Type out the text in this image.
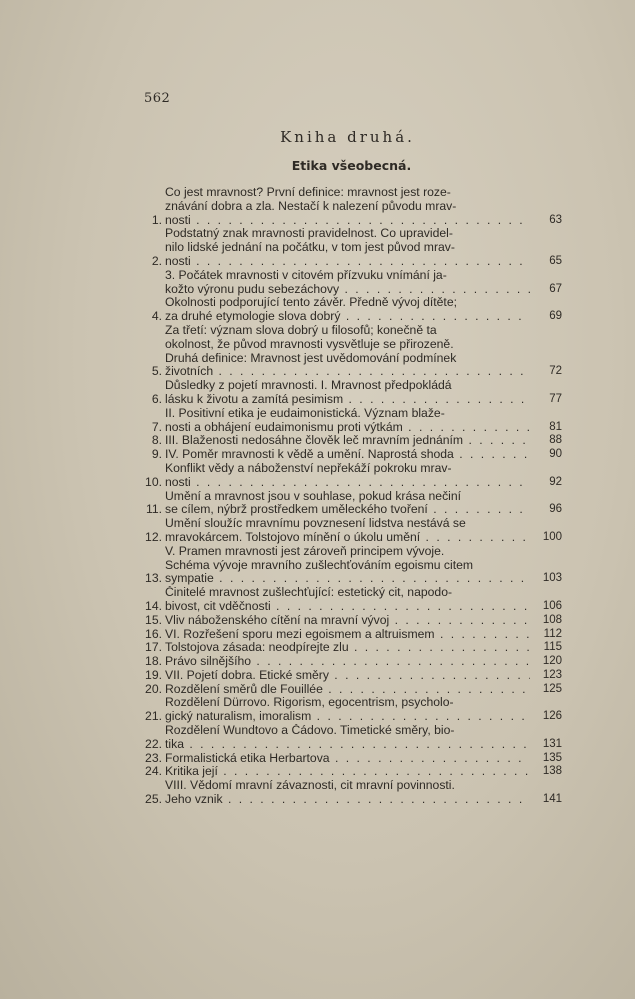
562
Kniha druhá.
Etika všeobecná.
1.
Co jest mravnost? První definice: mravnost jest roze-
znávání dobra a zla. Nestačí k nalezení původu mrav-
nosti . . .	63
2.
Podstatný znak mravnosti pravidelnost. Co upravidel-
nilo lidské jednání na počátku, v tom jest původ mrav-
nosti . . .	65
3. Počátek mravnosti v citovém přízvuku vnímání ja-
kožto výronu pudu sebezáchovy . . .	67
4.
Okolnosti podporující tento závěr. Předně vývoj dítěte;
za druhé etymologie slova dobrý . . .	69
5.
Za třetí: význam slova dobrý u filosofů; konečně ta
okolnost, že původ mravnosti vysvětluje se přirozeně.
Druhá definice: Mravnost jest uvědomování podmínek
životních . . .	72
6.
Důsledky z pojetí mravnosti. I. Mravnost předpokládá
lásku k životu a zamítá pesimism . . .	77
7.
II. Positivní etika je eudaimonistická. Význam blaže-
nosti a obhájení eudaimonismu proti výtkám . . .	81
8. III. Blaženosti nedosáhne člověk leč mravním jednáním . . .	88
9. IV. Poměr mravnosti k vědě a umění. Naprostá shoda . . .	90
10.
Konflikt vědy a náboženství nepřekáží pokroku mrav-
nosti . . .	92
11.
Umění a mravnost jsou v souhlase, pokud krása nečiní
se cílem, nýbrž prostředkem uměleckého tvoření . . .	96
12.
Umění sloužíc mravnímu povznesení lidstva nestává se
mravokárcem. Tolstojovo mínění o úkolu umění . . .	100
13.
V. Pramen mravnosti jest zároveň principem vývoje.
Schéma vývoje mravního zušlechťováním egoismu citem
sympatie . . .	103
14.
Činitelé mravnost zušlechťující: estetický cit, napodo-
bivost, cit vděčnosti . . .	106
15. Vliv náboženského cítění na mravní vývoj . . .	108
16. VI. Rozřešení sporu mezi egoismem a altruismem . . .	112
17. Tolstojova zásada: neodpírejte zlu . . .	115
18. Právo silnějšího . . .	120
19. VII. Pojetí dobra. Etické směry . . .	123
20. Rozdělení směrů dle Fouillée . . .	125
21.
Rozdělení Dürrovo. Rigorism, egocentrism, psycholo-
gický naturalism, imoralism . . .	126
22.
Rozdělení Wundtovo a Čádovo. Timetické směry, bio-
tika . . .	131
23. Formalistická etika Herbartova . . .	135
24. Kritika její . . .	138
25.
VIII. Vědomí mravní závaznosti, cit mravní povinnosti.
Jeho vznik . . .	141
